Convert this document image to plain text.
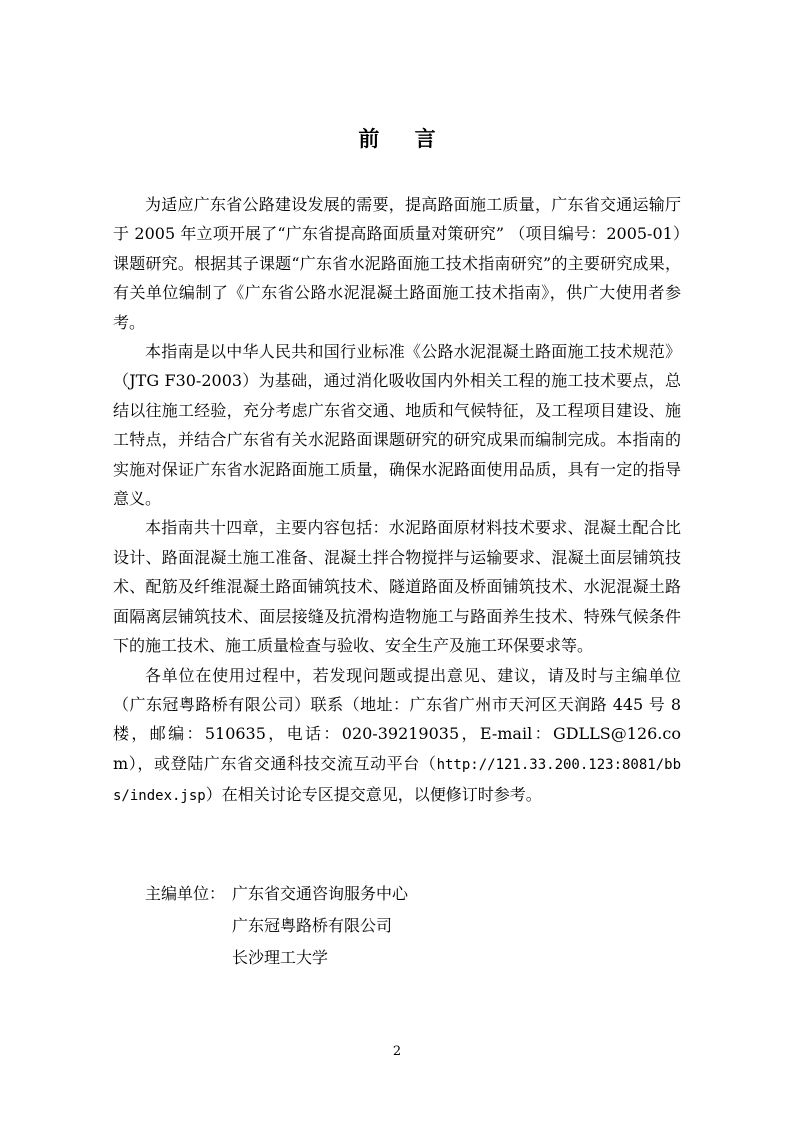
前 言

为适应广东省公路建设发展的需要，提高路面施工质量，广东省交通运输厅于 2005 年立项开展了“广东省提高路面质量对策研究” （项目编号：2005-01）课题研究。根据其子课题“广东省水泥路面施工技术指南研究”的主要研究成果，有关单位编制了《广东省公路水泥混凝土路面施工技术指南》，供广大使用者参考。

本指南是以中华人民共和国行业标准《公路水泥混凝土路面施工技术规范》（JTG F30-2003）为基础，通过消化吸收国内外相关工程的施工技术要点，总结以往施工经验，充分考虑广东省交通、地质和气候特征，及工程项目建设、施工特点，并结合广东省有关水泥路面课题研究的研究成果而编制完成。本指南的实施对保证广东省水泥路面施工质量，确保水泥路面使用品质，具有一定的指导意义。

本指南共十四章，主要内容包括：水泥路面原材料技术要求、混凝土配合比设计、路面混凝土施工准备、混凝土拌合物搅拌与运输要求、混凝土面层铺筑技术、配筋及纤维混凝土路面铺筑技术、隧道路面及桥面铺筑技术、水泥混凝土路面隔离层铺筑技术、面层接缝及抗滑构造物施工与路面养生技术、特殊气候条件下的施工技术、施工质量检查与验收、安全生产及施工环保要求等。

各单位在使用过程中，若发现问题或提出意见、建议，请及时与主编单位（广东冠粤路桥有限公司）联系（地址：广东省广州市天河区天润路 445 号 8 楼，邮编：510635，电话：020-39219035，E-mail：GDLLS@126.com），或登陆广东省交通科技交流互动平台（http://121.33.200.123:8081/bbs/index.jsp）在相关讨论专区提交意见，以便修订时参考。

主编单位： 广东省交通咨询服务中心
广东冠粤路桥有限公司
长沙理工大学
2
